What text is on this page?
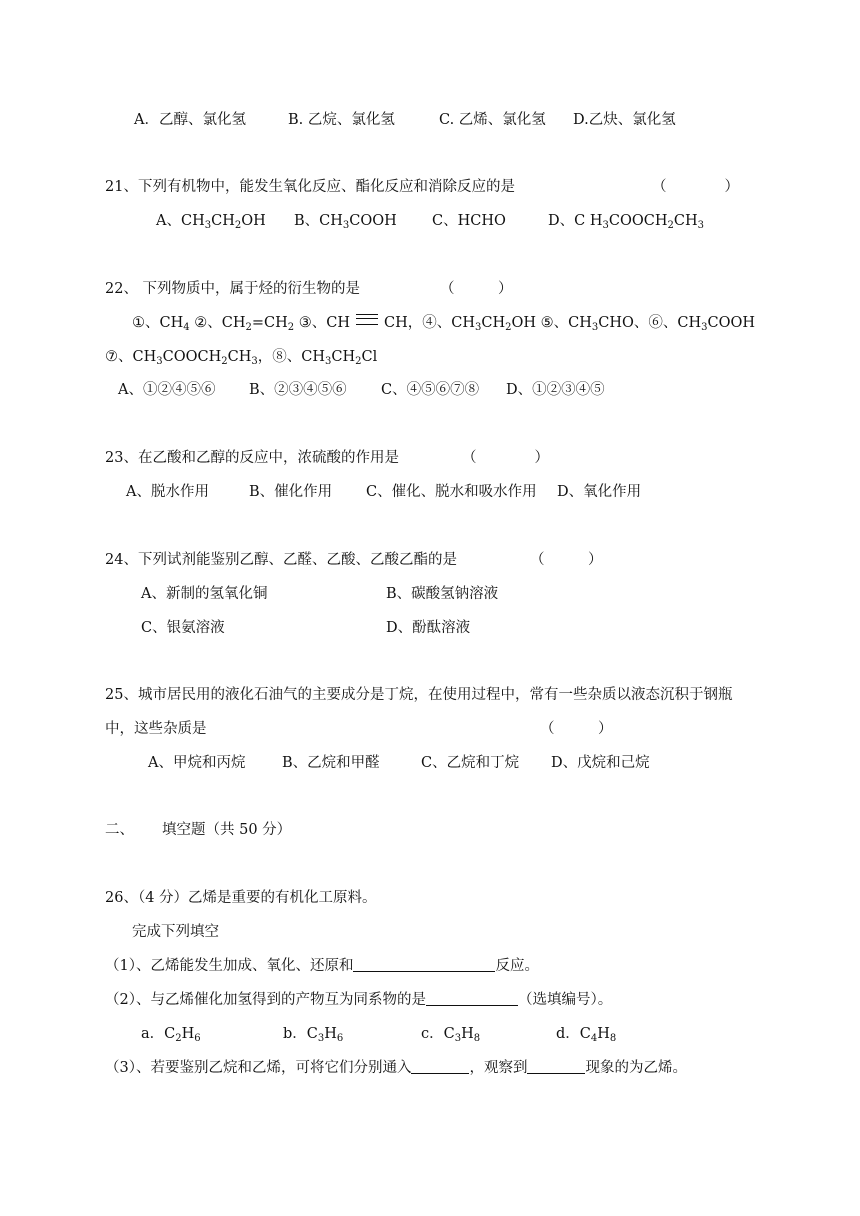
A．乙醇、氯化氢	B. 乙烷、氯化氢	C. 乙烯、氯化氢 D.乙炔、氯化氢
21、下列有机物中，能发生氧化反应、酯化反应和消除反应的是	（　　　　）
A、$CH_3CH_2OH$ B、$CH_3COOH$ C、HCHO	D、C $H_3COOCH_2CH_3$
22、 下列物质中，属于烃的衍生物的是	（　　　）
①、$CH_4$ ②、$CH_2=CH_2$ ③、CH CH，④、$CH_3CH_2OH$ ⑤、$CH_3CHO$、⑥、$CH_3COOH$
⑦、$CH_3COOCH_2CH_3$，⑧、$CH_3CH_2Cl$
A、①②④⑤⑥ B、②③④⑤⑥ C、④⑤⑥⑦⑧ D、①②③④⑤
23、在乙酸和乙醇的反应中，浓硫酸的作用是	（　　　　）
A、脱水作用	B、催化作用 C、催化、脱水和吸水作用 D、氧化作用
24、下列试剂能鉴别乙醇、乙醛、乙酸、乙酸乙酯的是	（　　　）
A、新制的氢氧化铜	B、碳酸氢钠溶液
C、银氨溶液	D、酚酞溶液
25、城市居民用的液化石油气的主要成分是丁烷，在使用过程中，常有一些杂质以液态沉积于钢瓶
中，这些杂质是	（　　　）
A、甲烷和丙烷	B、乙烷和甲醛	C、乙烷和丁烷 D、戊烷和己烷
二、 填空题（共 50 分）
26、（4 分）乙烯是重要的有机化工原料。
完成下列填空
（1）、乙烯能发生加成、氧化、还原和	反应。
（2）、与乙烯催化加氢得到的产物互为同系物的是	（选填编号）。
a．$C_2H_6$	b．$C_3H_6$	c．$C_3H_8$	d．$C_4H_8$
（3）、若要鉴别乙烷和乙烯，可将它们分别通入	，观察到	现象的为乙烯。
